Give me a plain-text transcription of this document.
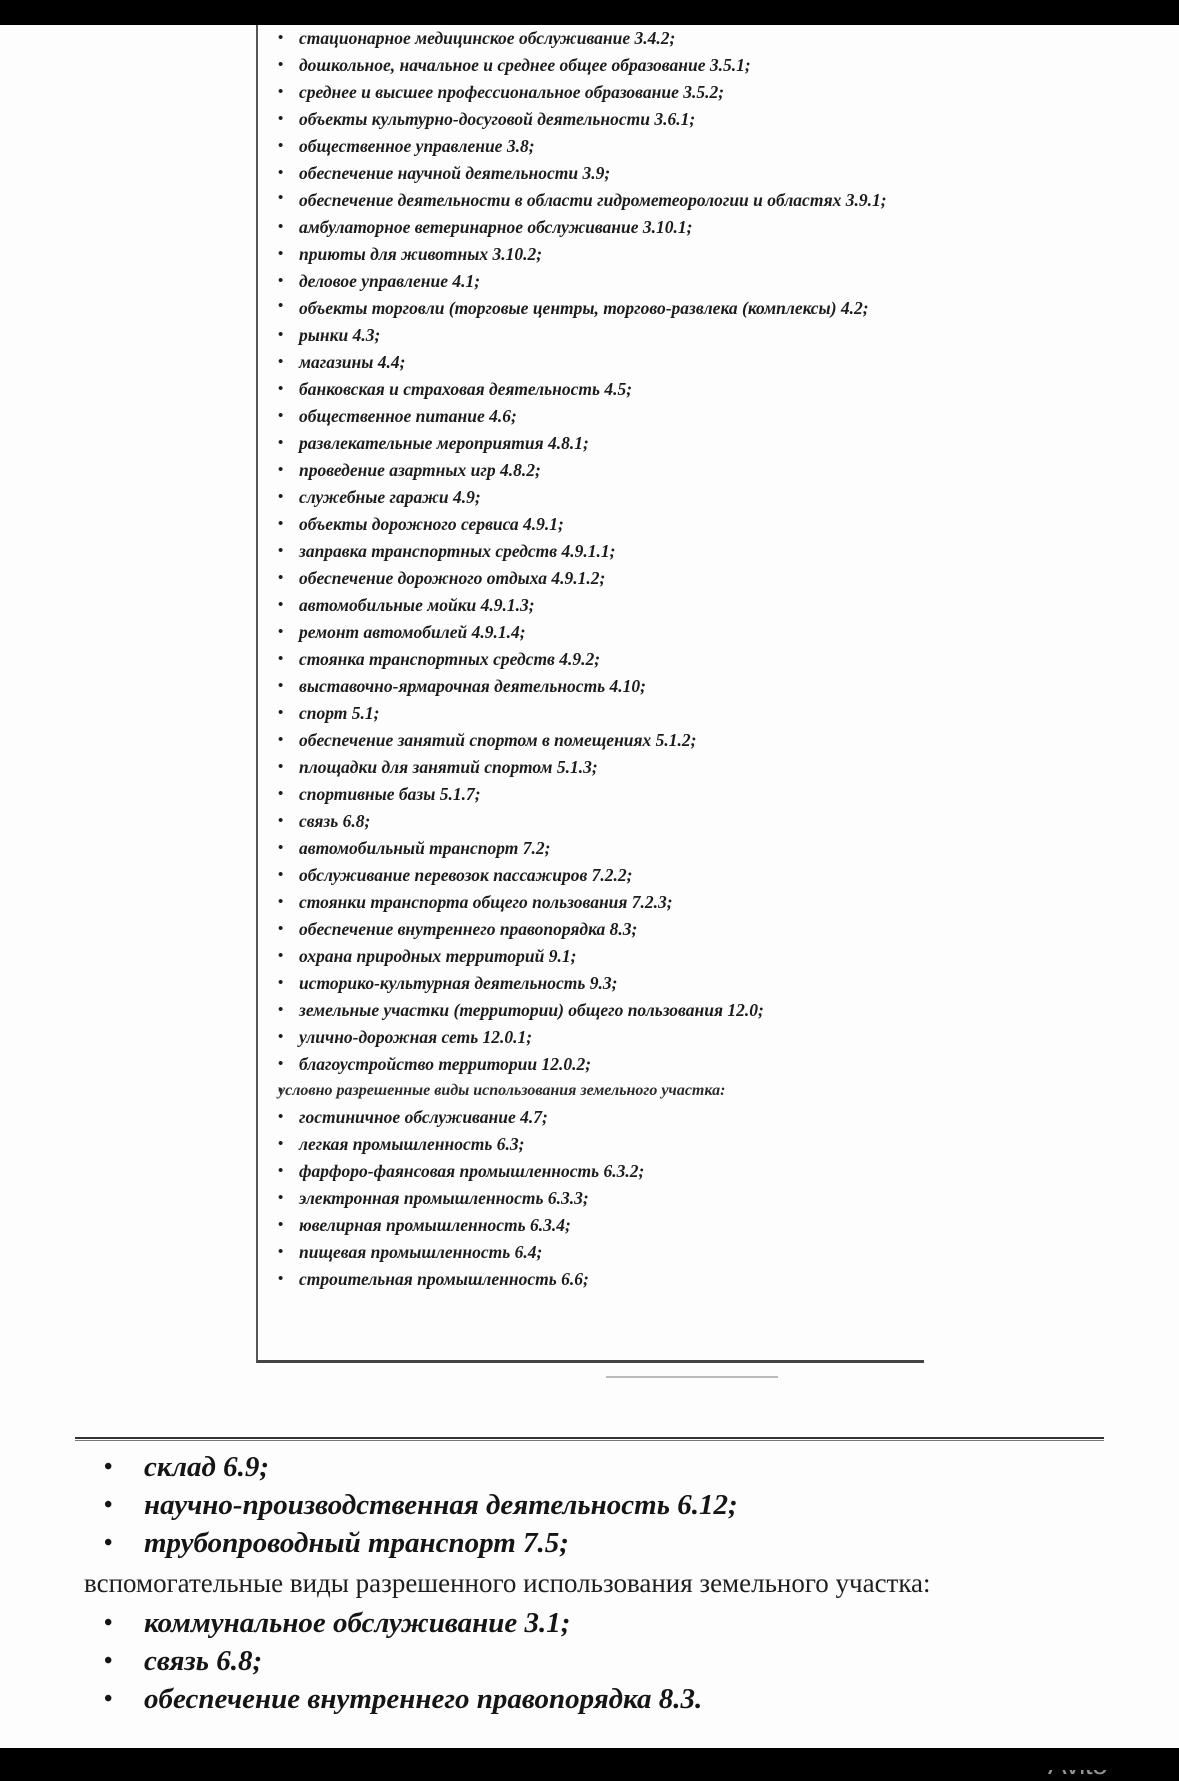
• стационарное медицинское обслуживание 3.4.2;
• дошкольное, начальное и среднее общее образование 3.5.1;
• среднее и высшее профессиональное образование 3.5.2;
• объекты культурно-досуговой деятельности 3.6.1;
• общественное управление 3.8;
• обеспечение научной деятельности 3.9;
• обеспечение деятельности в области гидрометеорологии и областях 3.9.1;
• амбулаторное ветеринарное обслуживание 3.10.1;
• приюты для животных 3.10.2;
• деловое управление 4.1;
• объекты торговли (торговые центры, торгово-развлека (комплексы) 4.2;
• рынки 4.3;
• магазины 4.4;
• банковская и страховая деятельность 4.5;
• общественное питание 4.6;
• развлекательные мероприятия 4.8.1;
• проведение азартных игр 4.8.2;
• служебные гаражи 4.9;
• объекты дорожного сервиса 4.9.1;
• заправка транспортных средств 4.9.1.1;
• обеспечение дорожного отдыха 4.9.1.2;
• автомобильные мойки 4.9.1.3;
• ремонт автомобилей 4.9.1.4;
• стоянка транспортных средств 4.9.2;
• выставочно-ярмарочная деятельность 4.10;
• спорт 5.1;
• обеспечение занятий спортом в помещениях 5.1.2;
• площадки для занятий спортом 5.1.3;
• спортивные базы 5.1.7;
• связь 6.8;
• автомобильный транспорт 7.2;
• обслуживание перевозок пассажиров 7.2.2;
• стоянки транспорта общего пользования 7.2.3;
• обеспечение внутреннего правопорядка 8.3;
• охрана природных территорий 9.1;
• историко-культурная деятельность 9.3;
• земельные участки (территории) общего пользования 12.0;
• улично-дорожная сеть 12.0.1;
• благоустройство территории 12.0.2;
• условно разрешенные виды использования земельного участка:
• гостиничное обслуживание 4.7;
• легкая промышленность 6.3;
• фарфоро-фаянсовая промышленность 6.3.2;
• электронная промышленность 6.3.3;
• ювелирная промышленность 6.3.4;
• пищевая промышленность 6.4;
• строительная промышленность 6.6;
• склад 6.9;
• научно-производственная деятельность 6.12;
• трубопроводный транспорт 7.5;
вспомогательные виды разрешенного использования земельного участка:
• коммунальное обслуживание 3.1;
• связь 6.8;
• обеспечение внутреннего правопорядка 8.3.
